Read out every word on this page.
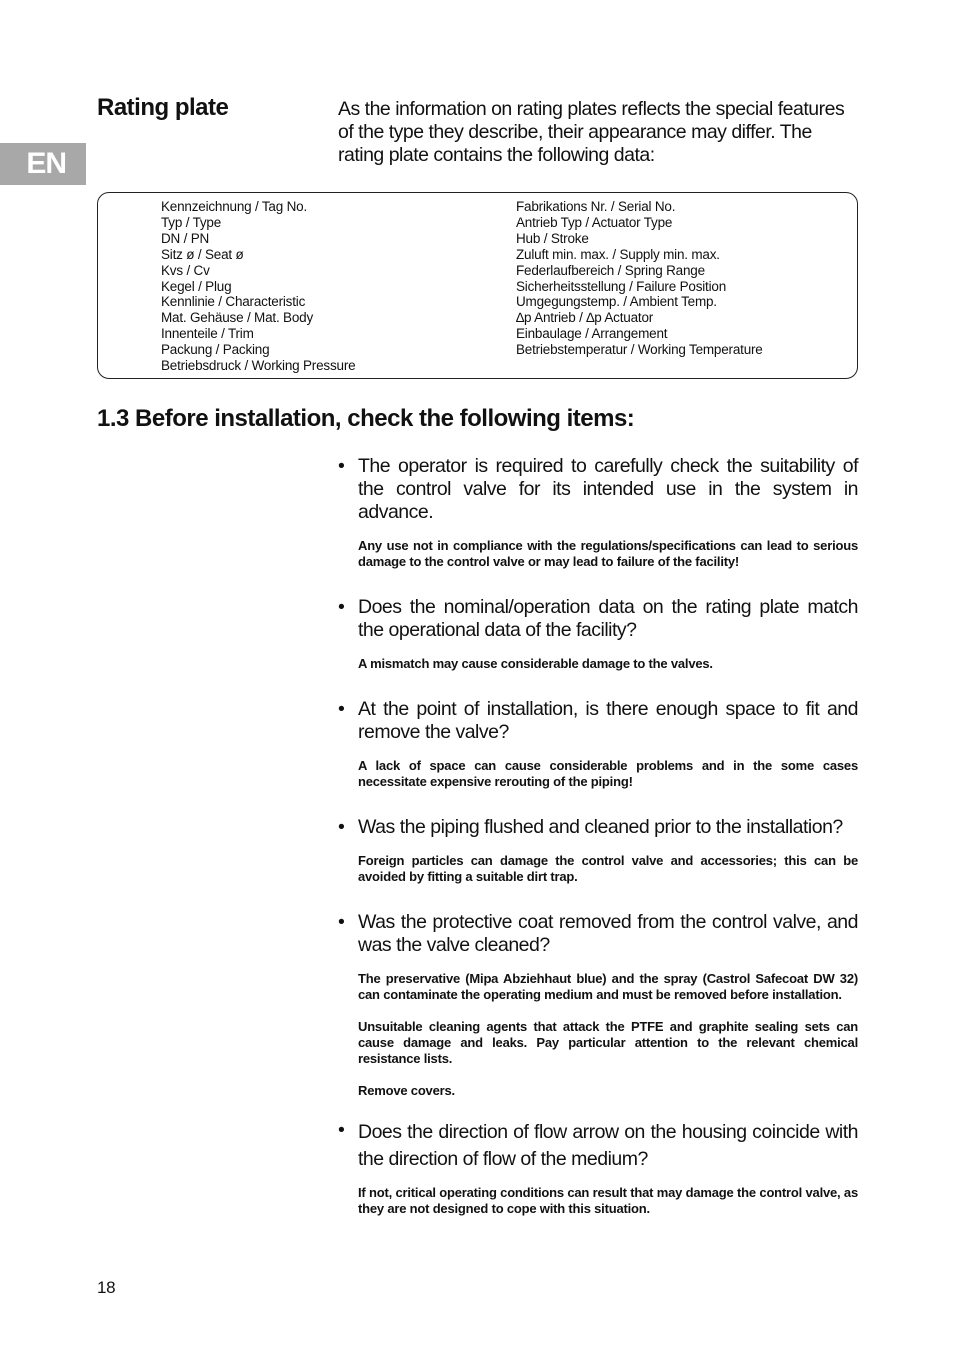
EN
Rating plate	As the information on rating plates reflects the special features of the type they describe, their appearance may differ. The rating plate contains the following data:

Kennzeichnung / Tag No.
Typ / Type
DN / PN
Sitz ø / Seat ø
Kvs / Cv
Kegel / Plug
Kennlinie / Characteristic
Mat. Gehäuse / Mat. Body
Innenteile / Trim
Packung / Packing
Betriebsdruck / Working Pressure
Fabrikations Nr. / Serial No.
Antrieb Typ / Actuator Type
Hub / Stroke
Zuluft min. max. / Supply min. max.
Federlaufbereich / Spring Range
Sicherheitsstellung / Failure Position
Umgegungstemp. / Ambient Temp.
∆p Antrieb / ∆p Actuator
Einbaulage / Arrangement
Betriebstemperatur / Working Temperature
1.3 Before installation, check the following items:
• The operator is required to carefully check the suitability of the control valve for its intended use in the system in advance.

Any use not in compliance with the regulations/specifications can lead to serious damage to the control valve or may lead to failure of the facility!

• Does the nominal/operation data on the rating plate match the operational data of the facility?

A mismatch may cause considerable damage to the valves.

• At the point of installation, is there enough space to fit and remove the valve?

A lack of space can cause considerable problems and in the some cases necessitate expensive rerouting of the piping!

• Was the piping flushed and cleaned prior to the installation?

Foreign particles can damage the control valve and accessories; this can be avoided by fitting a suitable dirt trap.

• Was the protective coat removed from the control valve, and was the valve cleaned?

The preservative (Mipa Abziehhaut blue) and the spray (Castrol Safecoat DW 32) can contaminate the operating medium and must be removed before installation.

Unsuitable cleaning agents that attack the PTFE and graphite sealing sets can cause damage and leaks. Pay particular attention to the relevant chemical resistance lists.

Remove covers.

• Does the direction of flow arrow on the housing coincide with the direction of flow of the medium?

If not, critical operating conditions can result that may damage the control valve, as they are not designed to cope with this situation.

18
